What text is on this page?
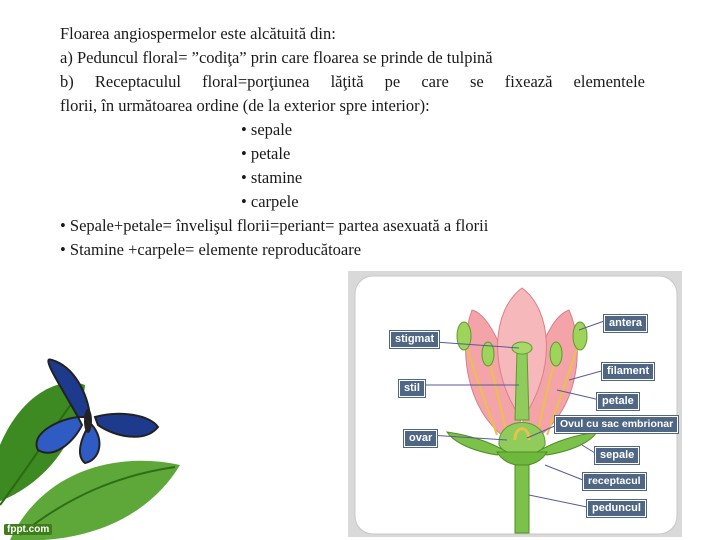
Floarea angiospermelor este alcătuită din:

a) Peduncul floral= ”codiţa” prin care floarea se prinde de tulpină

b) Receptaculul floral=porţiunea lăţită pe care se fixează elementele

florii, în următoarea ordine (de la exterior spre interior):

• sepale

• petale

• stamine

• carpele

• Sepale+petale= învelişul florii=periant= partea asexuată a florii

• Stamine +carpele= elemente reproducătoare

fppt.com
stigmat
stil
ovar
antera
filament
petale
Ovul cu sac embrionar
sepale
receptacul
peduncul
